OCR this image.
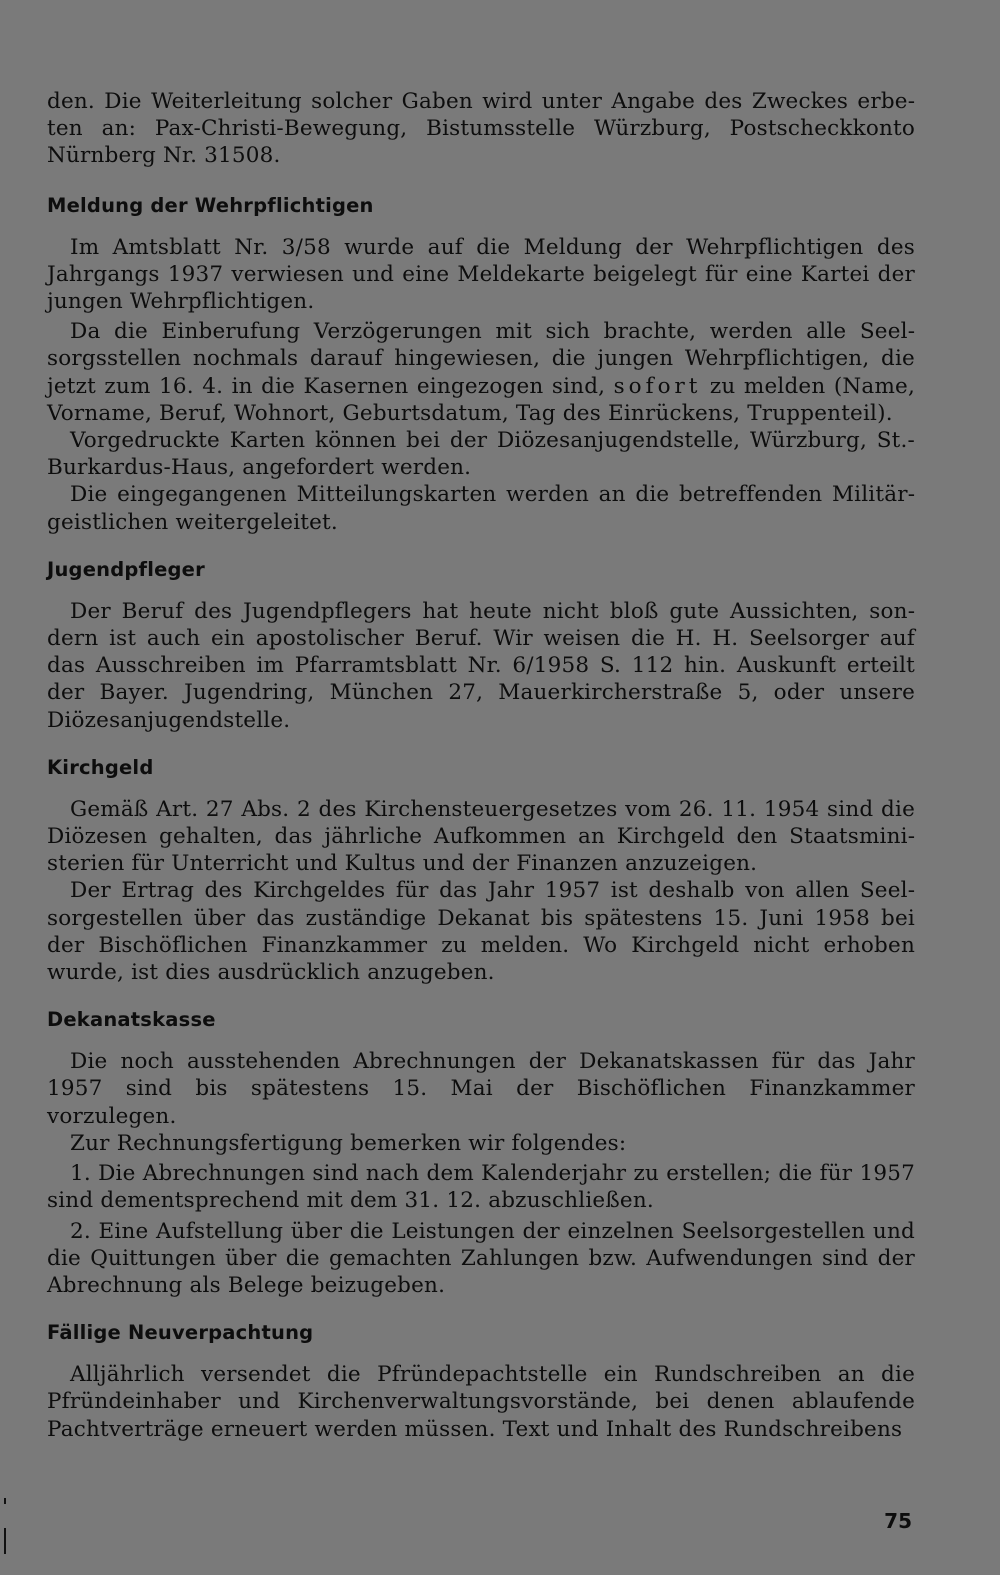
den. Die Weiterleitung solcher Gaben wird unter Angabe des Zweckes erbeten an: Pax-Christi-Bewegung, Bistumsstelle Würzburg, Postscheckkonto Nürnberg Nr. 31508.

Meldung der Wehrpflichtigen

Im Amtsblatt Nr. 3/58 wurde auf die Meldung der Wehrpflichtigen des Jahrgangs 1937 verwiesen und eine Meldekarte beigelegt für eine Kartei der jungen Wehrpflichtigen.

Da die Einberufung Verzögerungen mit sich brachte, werden alle Seelsorgsstellen nochmals darauf hingewiesen, die jungen Wehrpflichtigen, die jetzt zum 16. 4. in die Kasernen eingezogen sind, sofort zu melden (Name, Vorname, Beruf, Wohnort, Geburtsdatum, Tag des Einrückens, Truppenteil).

Vorgedruckte Karten können bei der Diözesanjugendstelle, Würzburg, St.-Burkardus-Haus, angefordert werden.

Die eingegangenen Mitteilungskarten werden an die betreffenden Militärgeistlichen weitergeleitet.

Jugendpfleger

Der Beruf des Jugendpflegers hat heute nicht bloß gute Aussichten, sondern ist auch ein apostolischer Beruf. Wir weisen die H. H. Seelsorger auf das Ausschreiben im Pfarramtsblatt Nr. 6/1958 S. 112 hin. Auskunft erteilt der Bayer. Jugendring, München 27, Mauerkircherstraße 5, oder unsere Diözesanjugendstelle.

Kirchgeld

Gemäß Art. 27 Abs. 2 des Kirchensteuergesetzes vom 26. 11. 1954 sind die Diözesen gehalten, das jährliche Aufkommen an Kirchgeld den Staatsministerien für Unterricht und Kultus und der Finanzen anzuzeigen.

Der Ertrag des Kirchgeldes für das Jahr 1957 ist deshalb von allen Seelsorgestellen über das zuständige Dekanat bis spätestens 15. Juni 1958 bei der Bischöflichen Finanzkammer zu melden. Wo Kirchgeld nicht erhoben wurde, ist dies ausdrücklich anzugeben.

Dekanatskasse

Die noch ausstehenden Abrechnungen der Dekanatskassen für das Jahr 1957 sind bis spätestens 15. Mai der Bischöflichen Finanzkammer vorzulegen.

Zur Rechnungsfertigung bemerken wir folgendes:

1. Die Abrechnungen sind nach dem Kalenderjahr zu erstellen; die für 1957 sind dementsprechend mit dem 31. 12. abzuschließen.

2. Eine Aufstellung über die Leistungen der einzelnen Seelsorgestellen und die Quittungen über die gemachten Zahlungen bzw. Aufwendungen sind der Abrechnung als Belege beizugeben.

Fällige Neuverpachtung

Alljährlich versendet die Pfründepachtstelle ein Rundschreiben an die Pfründeinhaber und Kirchenverwaltungsvorstände, bei denen ablaufende Pachtverträge erneuert werden müssen. Text und Inhalt des Rundschreibens

75
